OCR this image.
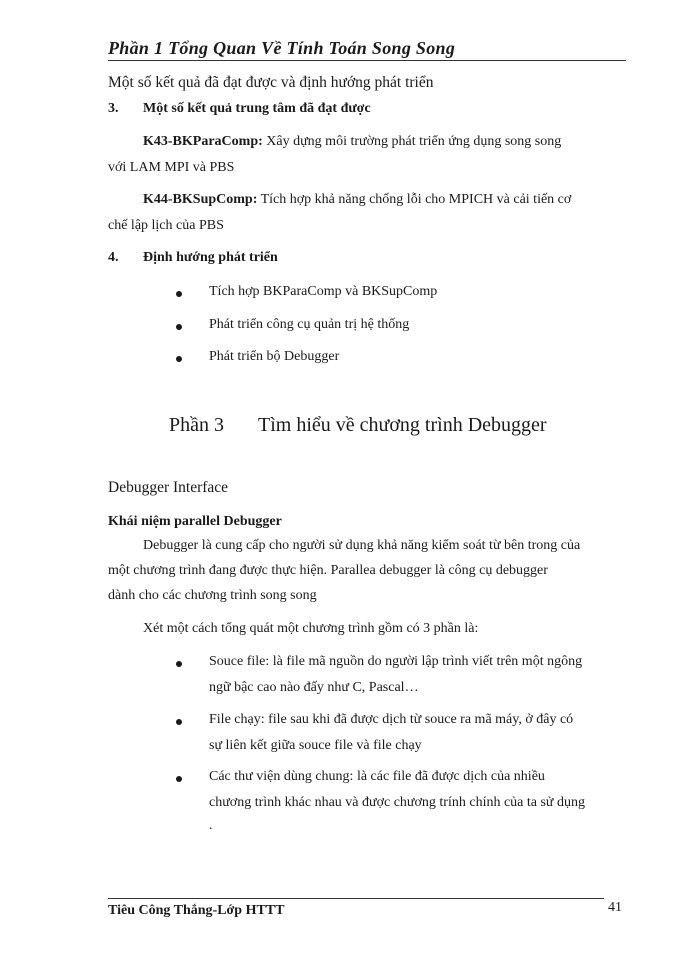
Phần 1 Tổng Quan Về Tính Toán Song Song
Một số kết quả đã đạt được và định hướng phát triển
3. Một số kết quả trung tâm đã đạt được
K43-BKParaComp: Xây dựng môi trường phát triển ứng dụng song song
với LAM MPI và PBS
K44-BKSupComp: Tích hợp khả năng chống lỗi cho MPICH và cải tiến cơ
chế lập lịch của PBS
4. Định hướng phát triển
Tích hợp BKParaComp và BKSupComp
Phát triển công cụ quản trị hệ thống
Phát triển bộ Debugger
Phần 3 Tìm hiểu về chương trình Debugger
Debugger Interface
Khái niệm parallel Debugger
Debugger là cung cấp cho người sử dụng khả năng kiểm soát từ bên trong của
một chương trình đang được thực hiện. Parallea debugger là công cụ debugger
dành cho các chương trình song song
Xét một cách tổng quát một chương trình gồm có 3 phần là:
Souce file: là file mã nguồn do người lập trình viết trên một ngông
ngữ bậc cao nào đấy như C, Pascal…
File chạy: file sau khi đã được dịch từ souce ra mã máy, ở đây có
sự liên kết giữa souce file và file chạy
Các thư viện dùng chung: là các file đã được dịch của nhiều
chương trình khác nhau và được chương trính chính của ta sử dụng
.
Tiêu Công Thắng-Lớp HTTT	41
